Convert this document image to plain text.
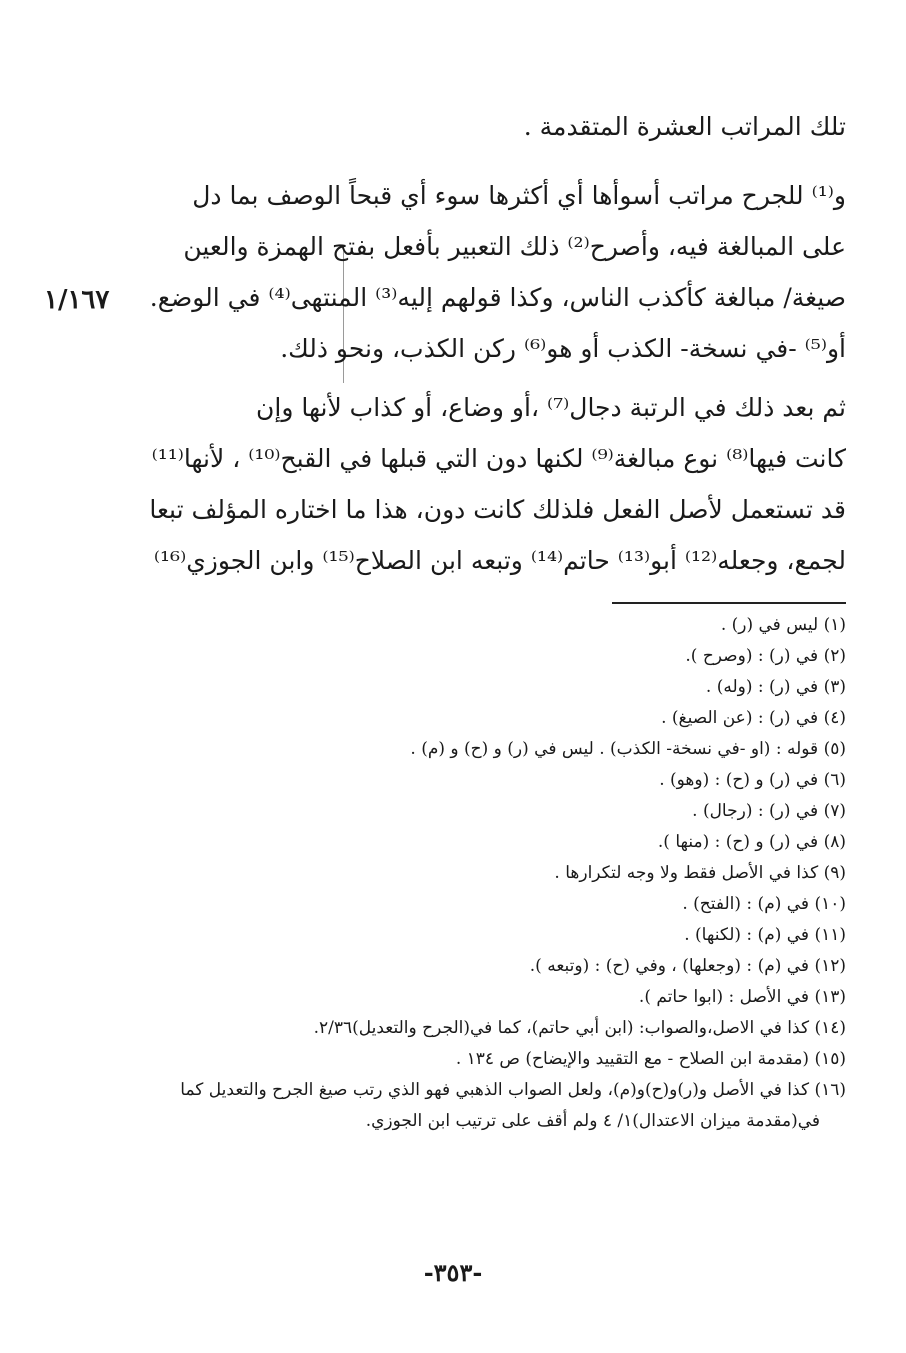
تلك المراتب العشرة المتقدمة .
و⁽¹⁾ للجرح مراتب أسوأها أي أكثرها سوء أي قبحاً الوصف بما دل
على المبالغة فيه، وأصرح⁽²⁾ ذلك التعبير بأفعل بفتح الهمزة والعين
صيغة/ مبالغة كأكذب الناس، وكذا قولهم إليه⁽³⁾ المنتهى⁽⁴⁾ في الوضع.
أو⁽⁵⁾ -في نسخة- الكذب أو هو⁽⁶⁾ ركن الكذب، ونحو ذلك.
١/١٦٧
ثم بعد ذلك في الرتبة دجال⁽⁷⁾ ،أو وضاع، أو كذاب لأنها وإن
كانت فيها⁽⁸⁾ نوع مبالغة⁽⁹⁾ لكنها دون التي قبلها في القبح⁽¹⁰⁾ ، لأنها⁽¹¹⁾
قد تستعمل لأصل الفعل فلذلك كانت دون، هذا ما اختاره المؤلف تبعا
لجمع، وجعله⁽¹²⁾ أبو⁽¹³⁾ حاتم⁽¹⁴⁾ وتبعه ابن الصلاح⁽¹⁵⁾ وابن الجوزي⁽¹⁶⁾
(١) ليس في (ر) .
(٢) في (ر) : (وصرح ).
(٣) في (ر) : (وله) .
(٤) في (ر) : (عن الصيغ) .
(٥) قوله : (او -في نسخة- الكذب) . ليس في (ر) و (ح) و (م) .
(٦) في (ر) و (ح) : (وهو) .
(٧) في (ر) : (رجال) .
(٨) في (ر) و (ح) : (منها ).
(٩) كذا في الأصل فقط ولا وجه لتكرارها .
(١٠) في (م) : (الفتح) .
(١١) في (م) : (لكنها) .
(١٢) في (م) : (وجعلها) ، وفي (ح) : (وتبعه ).
(١٣) في الأصل : (ابوا حاتم ).
(١٤) كذا في الاصل،والصواب: (ابن أبي حاتم)، كما في(الجرح والتعديل)٢/٣٦.
(١٥) (مقدمة ابن الصلاح - مع التقييد والإيضاح) ص ١٣٤ .
(١٦) كذا في الأصل و(ر)و(ح)و(م)، ولعل الصواب الذهبي فهو الذي رتب صيغ الجرح والتعديل كما
في(مقدمة ميزان الاعتدال)١/ ٤ ولم أقف على ترتيب ابن الجوزي.
-٣٥٣-
